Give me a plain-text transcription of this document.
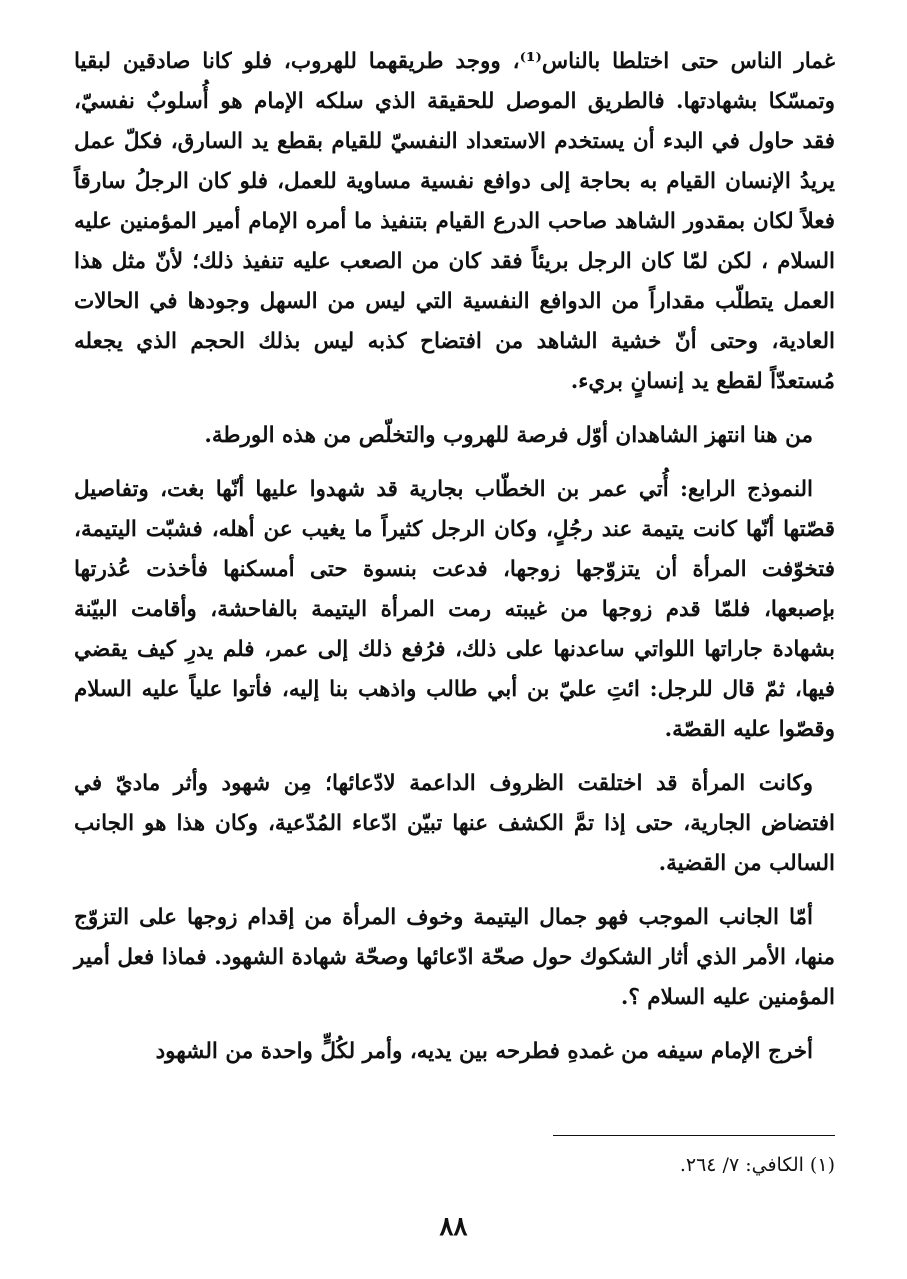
غمار الناس حتى اختلطا بالناس⁽¹⁾، ووجد طريقهما للهروب، فلو كانا صادقين لبقيا وتمسّكا بشهادتها. فالطريق الموصل للحقيقة الذي سلكه الإمام هو أُسلوبٌ نفسيّ، فقد حاول في البدء أن يستخدم الاستعداد النفسيّ للقيام بقطع يد السارق، فكلّ عمل يريدُ الإنسان القيام به بحاجة إلى دوافع نفسية مساوية للعمل، فلو كان الرجلُ سارقاً فعلاً لكان بمقدور الشاهد صاحب الدرع القيام بتنفيذ ما أمره الإمام أمير المؤمنين عليه السلام ، لكن لمّا كان الرجل بريئاً فقد كان من الصعب عليه تنفيذ ذلك؛ لأنّ مثل هذا العمل يتطلّب مقداراً من الدوافع النفسية التي ليس من السهل وجودها في الحالات العادية، وحتى أنّ خشية الشاهد من افتضاح كذبه ليس بذلك الحجم الذي يجعله مُستعدّاً لقطع يد إنسانٍ بريء.

من هنا انتهز الشاهدان أوّل فرصة للهروب والتخلّص من هذه الورطة.

النموذج الرابع: أُتي عمر بن الخطّاب بجارية قد شهدوا عليها أنّها بغت، وتفاصيل قصّتها أنّها كانت يتيمة عند رجُلٍ، وكان الرجل كثيراً ما يغيب عن أهله، فشبّت اليتيمة، فتخوّفت المرأة أن يتزوّجها زوجها، فدعت بنسوة حتى أمسكنها فأخذت عُذرتها بإصبعها، فلمّا قدم زوجها من غيبته رمت المرأة اليتيمة بالفاحشة، وأقامت البيّنة بشهادة جاراتها اللواتي ساعدنها على ذلك، فرُفع ذلك إلى عمر، فلم يدرِ كيف يقضي فيها، ثمّ قال للرجل: ائتِ عليّ بن أبي طالب واذهب بنا إليه، فأتوا علياً عليه السلام وقصّوا عليه القصّة.

وكانت المرأة قد اختلقت الظروف الداعمة لادّعائها؛ مِن شهود وأثر ماديّ في افتضاض الجارية، حتى إذا تمَّ الكشف عنها تبيّن ادّعاء المُدّعية، وكان هذا هو الجانب السالب من القضية.

أمّا الجانب الموجب فهو جمال اليتيمة وخوف المرأة من إقدام زوجها على التزوّج منها، الأمر الذي أثار الشكوك حول صحّة ادّعائها وصحّة شهادة الشهود. فماذا فعل أمير المؤمنين عليه السلام ؟.

أخرج الإمام سيفه من غمدهِ فطرحه بين يديه، وأمر لكُلٍّ واحدة من الشهود

(١) الكافي: ٧/ ٢٦٤.
٨٨
